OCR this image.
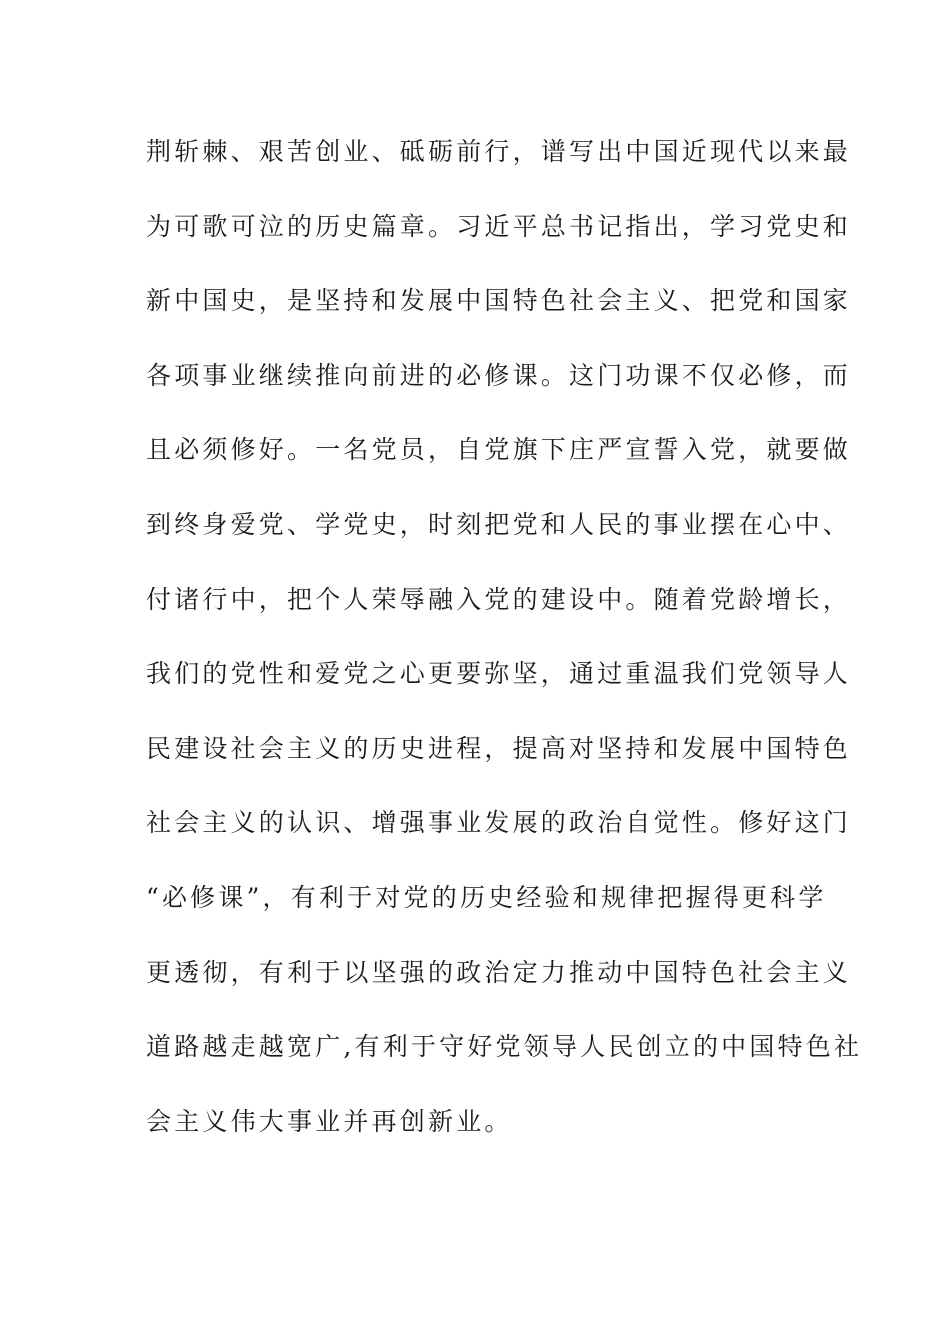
荆斩棘、艰苦创业、砥砺前行，谱写出中国近现代以来最
为可歌可泣的历史篇章。习近平总书记指出，学习党史和
新中国史，是坚持和发展中国特色社会主义、把党和国家
各项事业继续推向前进的必修课。这门功课不仅必修，而
且必须修好。一名党员，自党旗下庄严宣誓入党，就要做
到终身爱党、学党史，时刻把党和人民的事业摆在心中、
付诸行中，把个人荣辱融入党的建设中。随着党龄增长，
我们的党性和爱党之心更要弥坚，通过重温我们党领导人
民建设社会主义的历史进程，提高对坚持和发展中国特色
社会主义的认识、增强事业发展的政治自觉性。修好这门
“必修课”，有利于对党的历史经验和规律把握得更科学
更透彻，有利于以坚强的政治定力推动中国特色社会主义
道路越走越宽广,有利于守好党领导人民创立的中国特色社
会主义伟大事业并再创新业。
